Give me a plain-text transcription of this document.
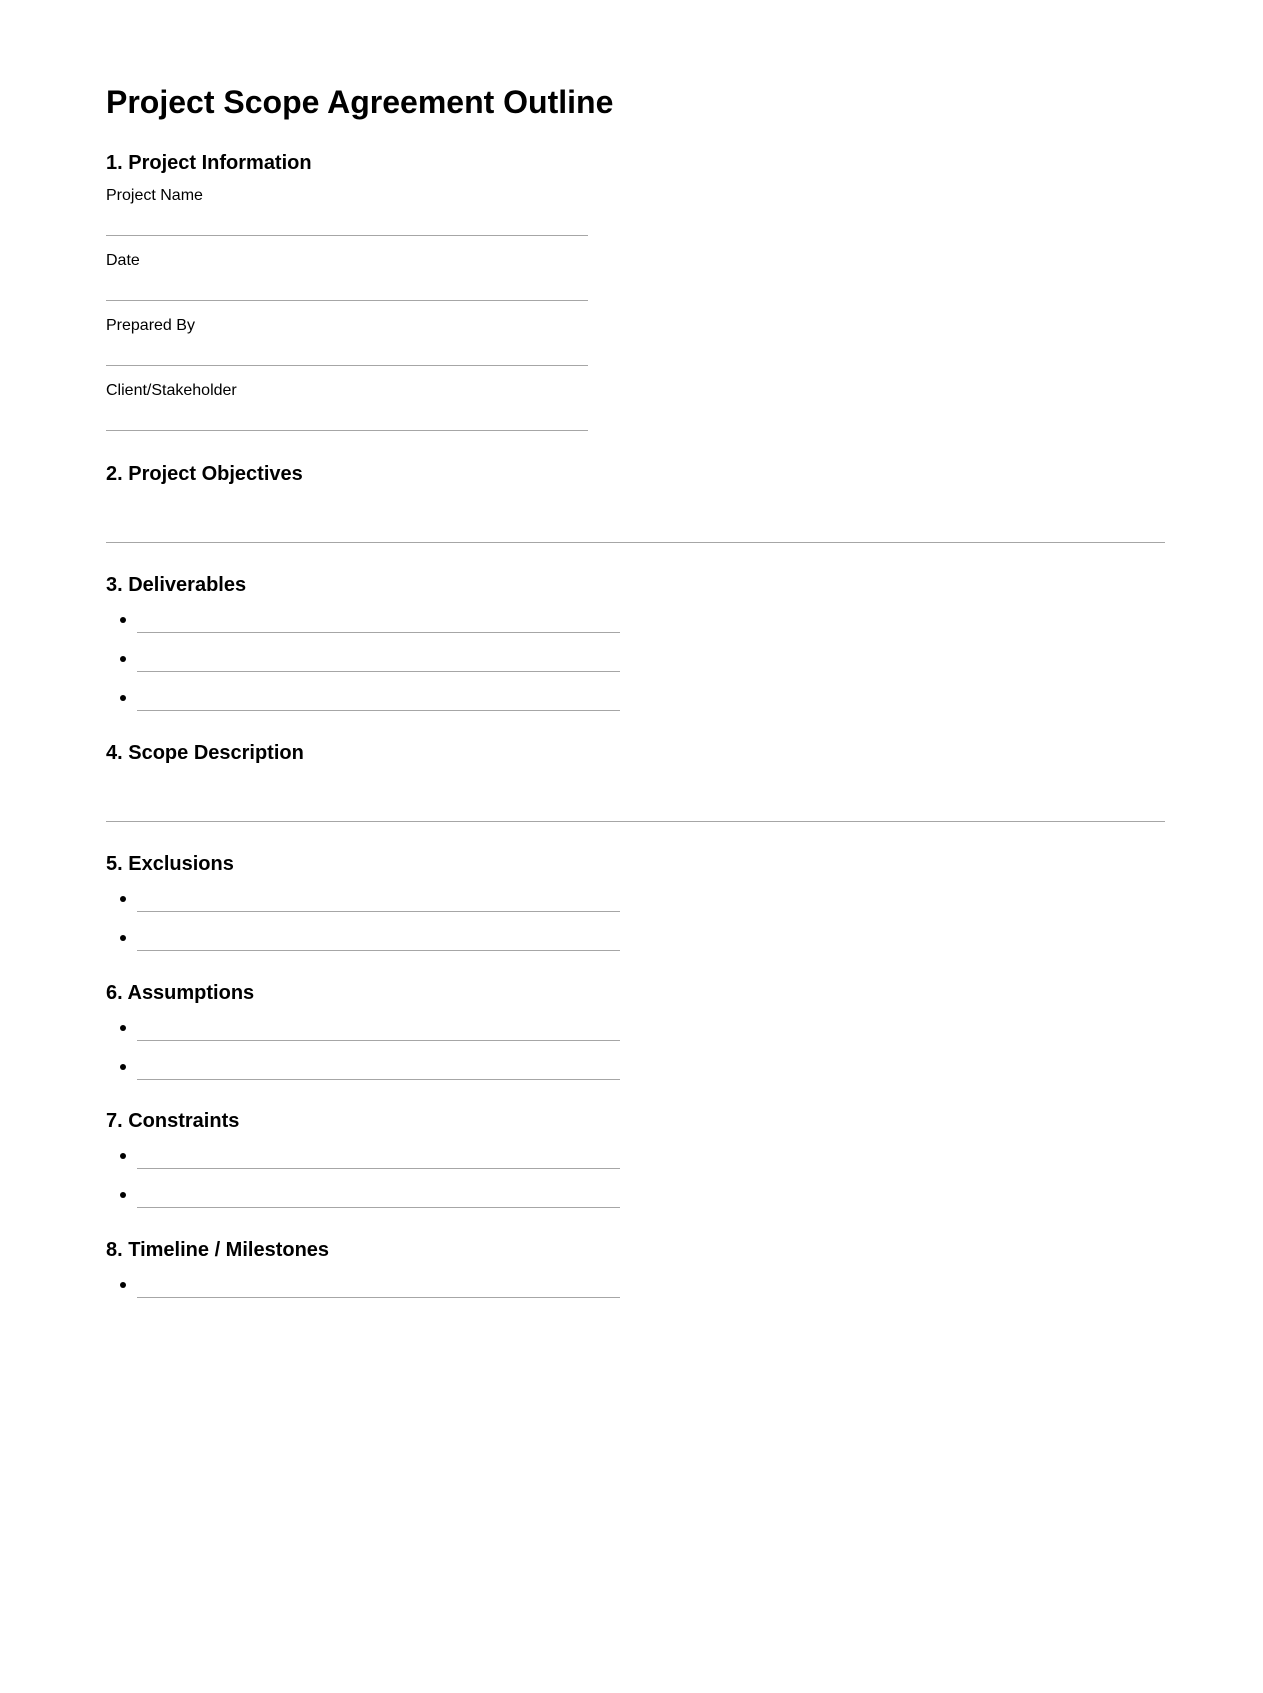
Project Scope Agreement Outline
1. Project Information
Project Name
Date
Prepared By
Client/Stakeholder
2. Project Objectives
3. Deliverables
4. Scope Description
5. Exclusions
6. Assumptions
7. Constraints
8. Timeline / Milestones
